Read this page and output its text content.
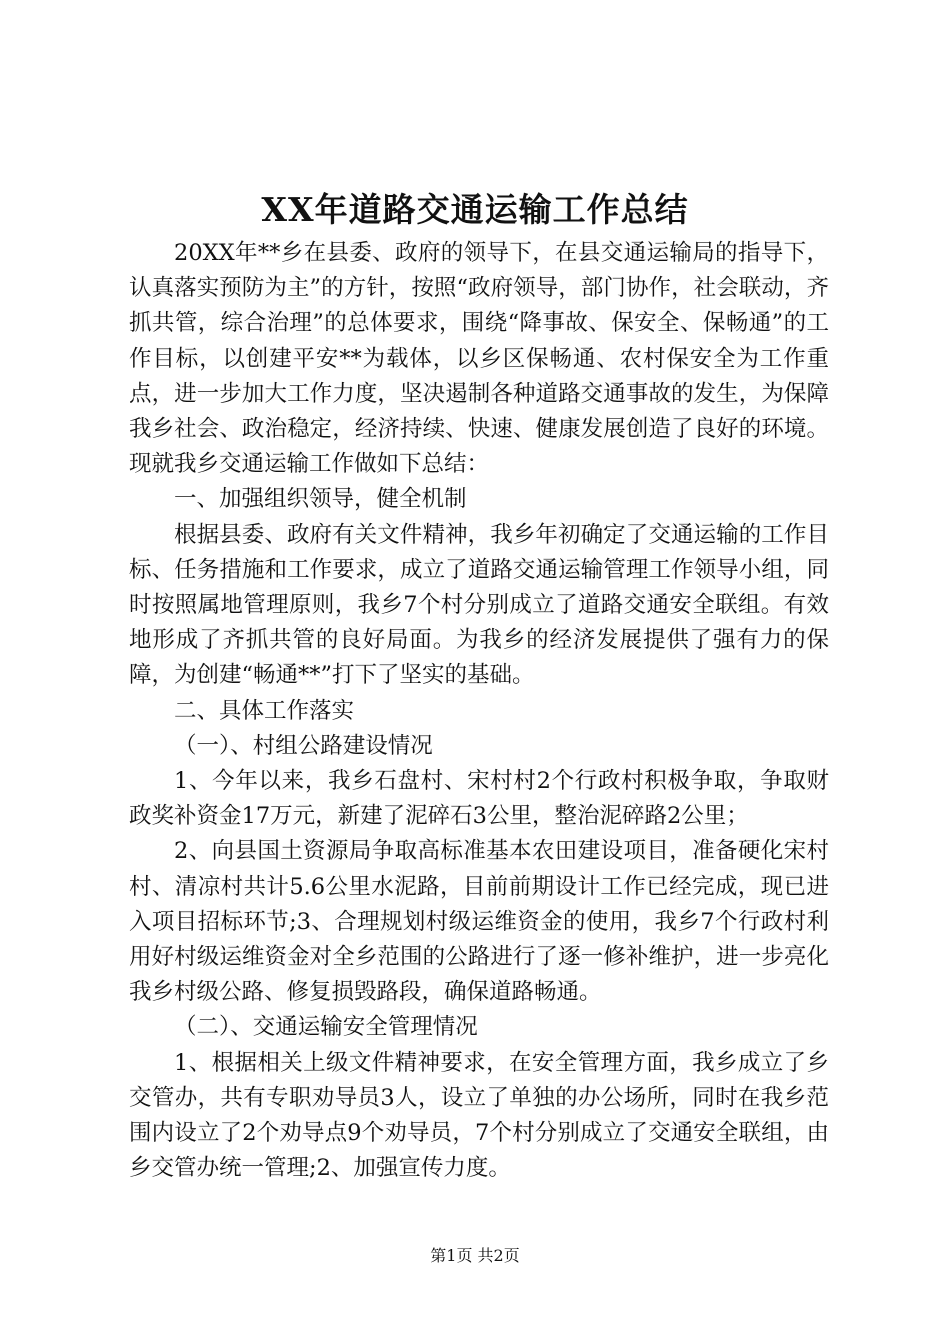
XX年道路交通运输工作总结

20XX年**乡在县委、政府的领导下，在县交通运输局的指导下，认真落实预防为主”的方针，按照“政府领导，部门协作，社会联动，齐抓共管，综合治理”的总体要求，围绕“降事故、保安全、保畅通”的工作目标，以创建平安**为载体，以乡区保畅通、农村保安全为工作重点，进一步加大工作力度，坚决遏制各种道路交通事故的发生，为保障我乡社会、政治稳定，经济持续、快速、健康发展创造了良好的环境。现就我乡交通运输工作做如下总结：

一、加强组织领导，健全机制

根据县委、政府有关文件精神，我乡年初确定了交通运输的工作目标、任务措施和工作要求，成立了道路交通运输管理工作领导小组，同时按照属地管理原则，我乡7个村分别成立了道路交通安全联组。有效地形成了齐抓共管的良好局面。为我乡的经济发展提供了强有力的保障，为创建“畅通**”打下了坚实的基础。

二、具体工作落实

（一）、村组公路建设情况

1、今年以来，我乡石盘村、宋村村2个行政村积极争取，争取财政奖补资金17万元，新建了泥碎石3公里，整治泥碎路2公里；

2、向县国土资源局争取高标准基本农田建设项目，准备硬化宋村村、清凉村共计5.6公里水泥路，目前前期设计工作已经完成，现已进入项目招标环节;3、合理规划村级运维资金的使用，我乡7个行政村利用好村级运维资金对全乡范围的公路进行了逐一修补维护，进一步亮化我乡村级公路、修复损毁路段，确保道路畅通。

（二）、交通运输安全管理情况

1、根据相关上级文件精神要求，在安全管理方面，我乡成立了乡交管办，共有专职劝导员3人，设立了单独的办公场所，同时在我乡范围内设立了2个劝导点9个劝导员，7个村分别成立了交通安全联组，由乡交管办统一管理;2、加强宣传力度。

第1页 共2页
